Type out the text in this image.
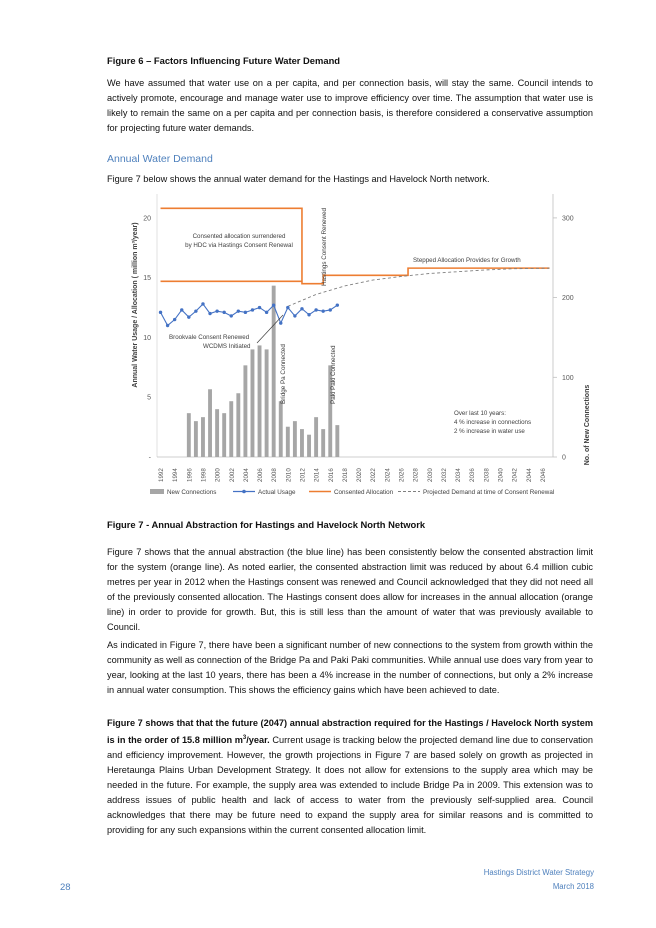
Figure 6 – Factors Influencing Future Water Demand
We have assumed that water use on a per capita, and per connection basis, will stay the same. Council intends to actively promote, encourage and manage water use to improve efficiency over time. The assumption that water use is likely to remain the same on a per capita and per connection basis, is therefore considered a conservative assumption for projecting future water demands.
Annual Water Demand
Figure 7 below shows the annual water demand for the Hastings and Havelock North network.
-
5
10
15
20
0
100
200
300
Annual Water Usage / Allocation ( million m³/year)
No. of New Connections
1992 1994 1996 1998 2000 2002 2004 2006 2008 2010 2012 2014 2016 2018 2020 2022 2024 2026 2028 2030 2032 2034 2036 2038 2040 2042 2044 2046
Hastings Consent Renewed
Consented allocation surrendered
by HDC via Hastings Consent Renewal
Stepped Allocation Provides for Growth
Brookvale Consent Renewed
WCDMS Initiated	Bridge Pa Connected	Paki Paki Connected
Over last 10 years:
4 % increase in connections
2 % increase in water use
New Connections	Actual Usage	Consented Allocation	Projected Demand at time of Consent Renewal
Figure 7 - Annual Abstraction for Hastings and Havelock North Network
Figure 7 shows that the annual abstraction (the blue line) has been consistently below the consented abstraction limit for the system (orange line). As noted earlier, the consented abstraction limit was reduced by about 6.4 million cubic metres per year in 2012 when the Hastings consent was renewed and Council acknowledged that they did not need all of the previously consented allocation. The Hastings consent does allow for increases in the annual allocation (orange line) in order to provide for growth. But, this is still less than the amount of water that was previously available to Council.
As indicated in Figure 7, there have been a significant number of new connections to the system from growth within the community as well as connection of the Bridge Pa and Paki Paki communities. While annual use does vary from year to year, looking at the last 10 years, there has been a 4% increase in the number of connections, but only a 2% increase in annual water consumption. This shows the efficiency gains which have been achieved to date.
Figure 7 shows that that the future (2047) annual abstraction required for the Hastings / Havelock North system is in the order of 15.8 million $m^3$/year. Current usage is tracking below the projected demand line due to conservation and efficiency improvement. However, the growth projections in Figure 7 are based solely on growth as projected in Heretaunga Plains Urban Development Strategy. It does not allow for extensions to the supply area which may be needed in the future. For example, the supply area was extended to include Bridge Pa in 2009. This extension was to address issues of public health and lack of access to water from the previously self-supplied area. Council acknowledges that there may be future need to expand the supply area for similar reasons and is committed to providing for any such expansions within the current consented allocation limit.
28
Hastings District Water Strategy
March 2018
